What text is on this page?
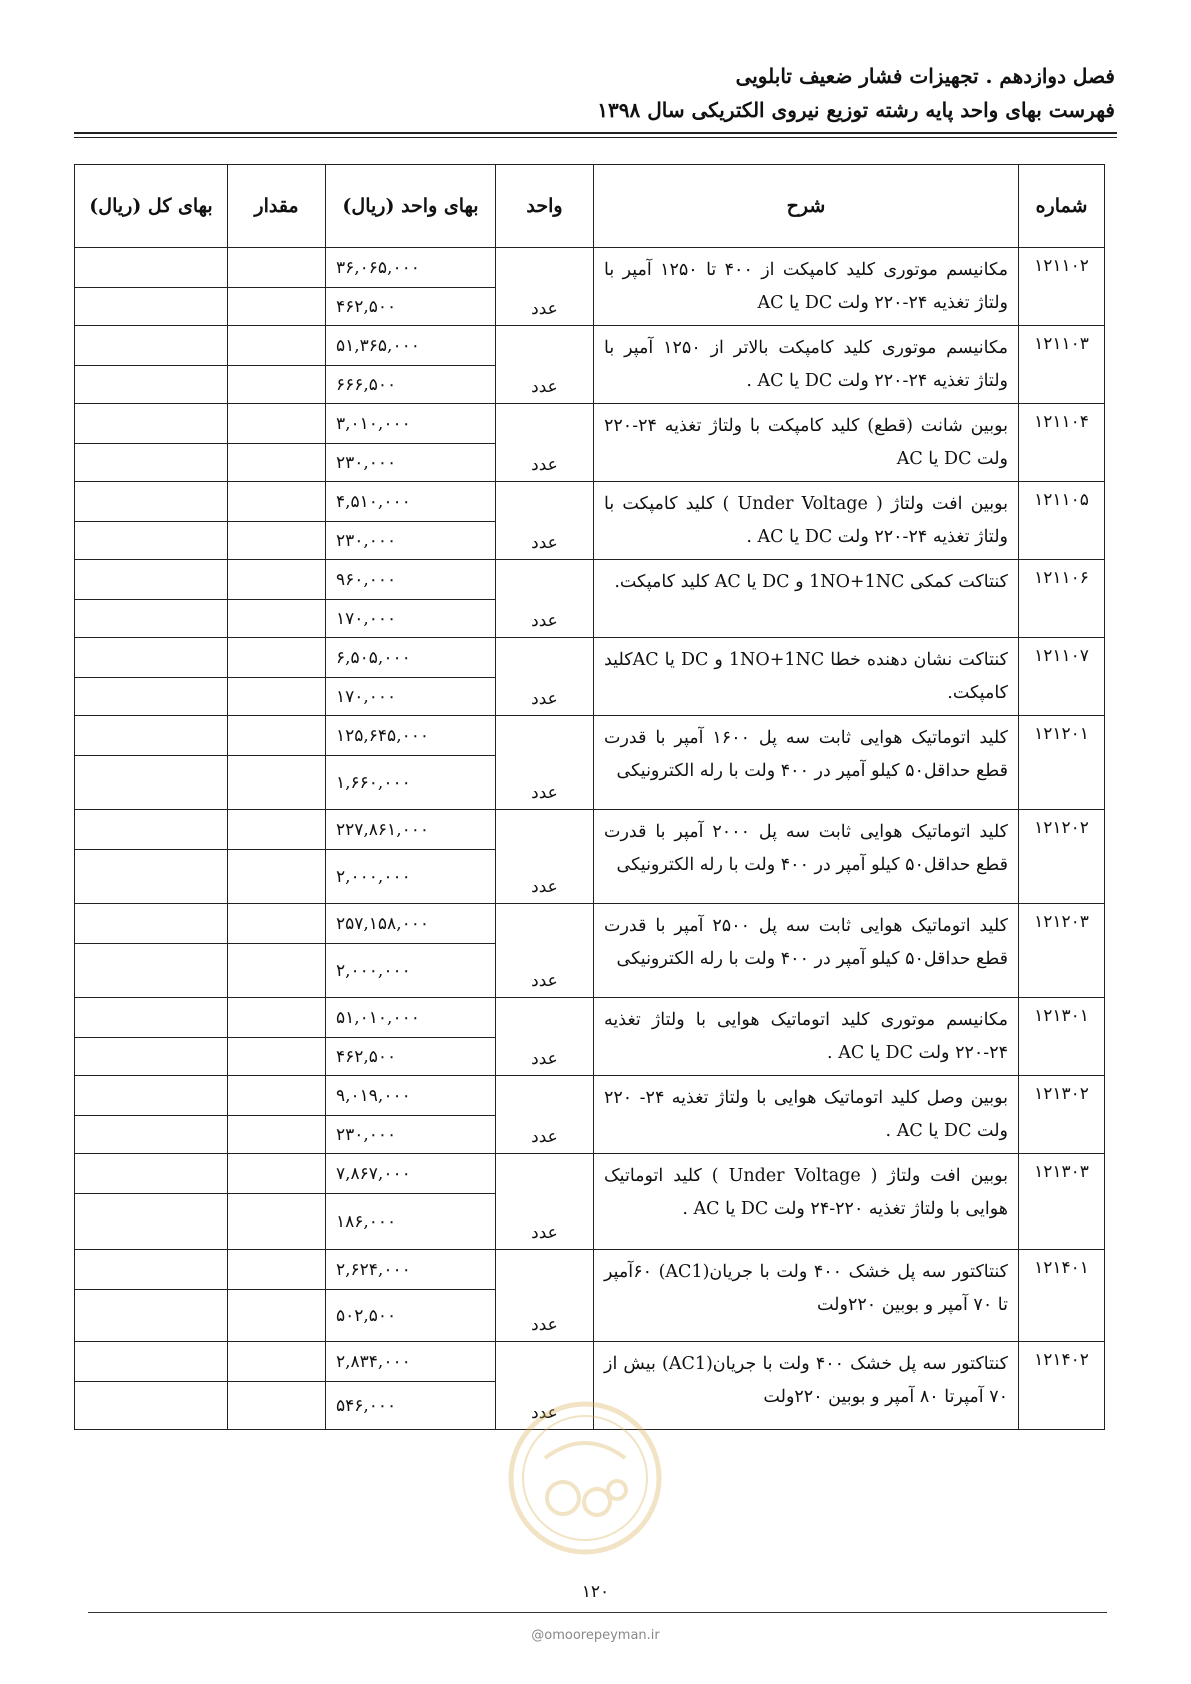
فصل دوازدهم . تجهیزات فشار ضعیف تابلویی
فهرست بهای واحد پایه رشته توزیع نیروی الکتریکی سال ۱۳۹۸
شماره	شرح	واحد	بهای واحد (ریال)	مقدار	بهای کل (ریال)
۱۲۱۱۰۲	مکانیسم موتوری کلید کامپکت از ۴۰۰ تا ۱۲۵۰ آمپر با ولتاژ تغذیه ۲۴-۲۲۰ ولت DC یا AC	عدد	۳۶,۰۶۵,۰۰۰		
			۴۶۲,۵۰۰		
۱۲۱۱۰۳	مکانیسم موتوری کلید کامپکت بالاتر از ۱۲۵۰ آمپر با ولتاژ تغذیه ۲۴-۲۲۰ ولت DC یا AC .	عدد	۵۱,۳۶۵,۰۰۰		
			۶۶۶,۵۰۰		
۱۲۱۱۰۴	بوبین شانت (قطع) کلید کامپکت با ولتاژ تغذیه ۲۴-۲۲۰ ولت DC یا AC	عدد	۳,۰۱۰,۰۰۰		
			۲۳۰,۰۰۰		
۱۲۱۱۰۵	بوبین افت ولتاژ ( Under Voltage ) کلید کامپکت با ولتاژ تغذیه ۲۴-۲۲۰ ولت DC یا AC .	عدد	۴,۵۱۰,۰۰۰		
			۲۳۰,۰۰۰		
۱۲۱۱۰۶	کنتاکت کمکی 1NO+1NC و DC یا AC کلید کامپکت.	عدد	۹۶۰,۰۰۰		
			۱۷۰,۰۰۰		
۱۲۱۱۰۷	کنتاکت نشان دهنده خطا 1NO+1NC و DC یا ACکلید کامپکت.	عدد	۶,۵۰۵,۰۰۰		
			۱۷۰,۰۰۰		
۱۲۱۲۰۱	کلید اتوماتیک هوایی ثابت سه پل ۱۶۰۰ آمپر با قدرت قطع حداقل۵۰ کیلو آمپر در ۴۰۰ ولت با رله الکترونیکی	عدد	۱۲۵,۶۴۵,۰۰۰		
			۱,۶۶۰,۰۰۰		
۱۲۱۲۰۲	کلید اتوماتیک هوایی ثابت سه پل ۲۰۰۰ آمپر با قدرت قطع حداقل۵۰ کیلو آمپر در ۴۰۰ ولت با رله الکترونیکی	عدد	۲۲۷,۸۶۱,۰۰۰		
			۲,۰۰۰,۰۰۰		
۱۲۱۲۰۳	کلید اتوماتیک هوایی ثابت سه پل ۲۵۰۰ آمپر با قدرت قطع حداقل۵۰ کیلو آمپر در ۴۰۰ ولت با رله الکترونیکی	عدد	۲۵۷,۱۵۸,۰۰۰		
			۲,۰۰۰,۰۰۰		
۱۲۱۳۰۱	مکانیسم موتوری کلید اتوماتیک هوایی با ولتاژ تغذیه ۲۴-۲۲۰ ولت DC یا AC .	عدد	۵۱,۰۱۰,۰۰۰		
			۴۶۲,۵۰۰		
۱۲۱۳۰۲	بوبین وصل کلید اتوماتیک هوایی با ولتاژ تغذیه ۲۴- ۲۲۰ ولت DC یا AC .	عدد	۹,۰۱۹,۰۰۰		
			۲۳۰,۰۰۰		
۱۲۱۳۰۳	بوبین افت ولتاژ ( Under Voltage ) کلید اتوماتیک هوایی با ولتاژ تغذیه ۲۲۰-۲۴ ولت DC یا AC .	عدد	۷,۸۶۷,۰۰۰		
			۱۸۶,۰۰۰		
۱۲۱۴۰۱	کنتاکتور سه پل خشک ۴۰۰ ولت با جریان(AC1) ۶۰آمپر تا ۷۰ آمپر و بوبین ۲۲۰ولت	عدد	۲,۶۲۴,۰۰۰		
			۵۰۲,۵۰۰		
۱۲۱۴۰۲	کنتاکتور سه پل خشک ۴۰۰ ولت با جریان(AC1) بیش از ۷۰ آمپرتا ۸۰ آمپر و بوبین ۲۲۰ولت	عدد	۲,۸۳۴,۰۰۰		
			۵۴۶,۰۰۰		
۱۲۰
@omoorepeyman.ir
